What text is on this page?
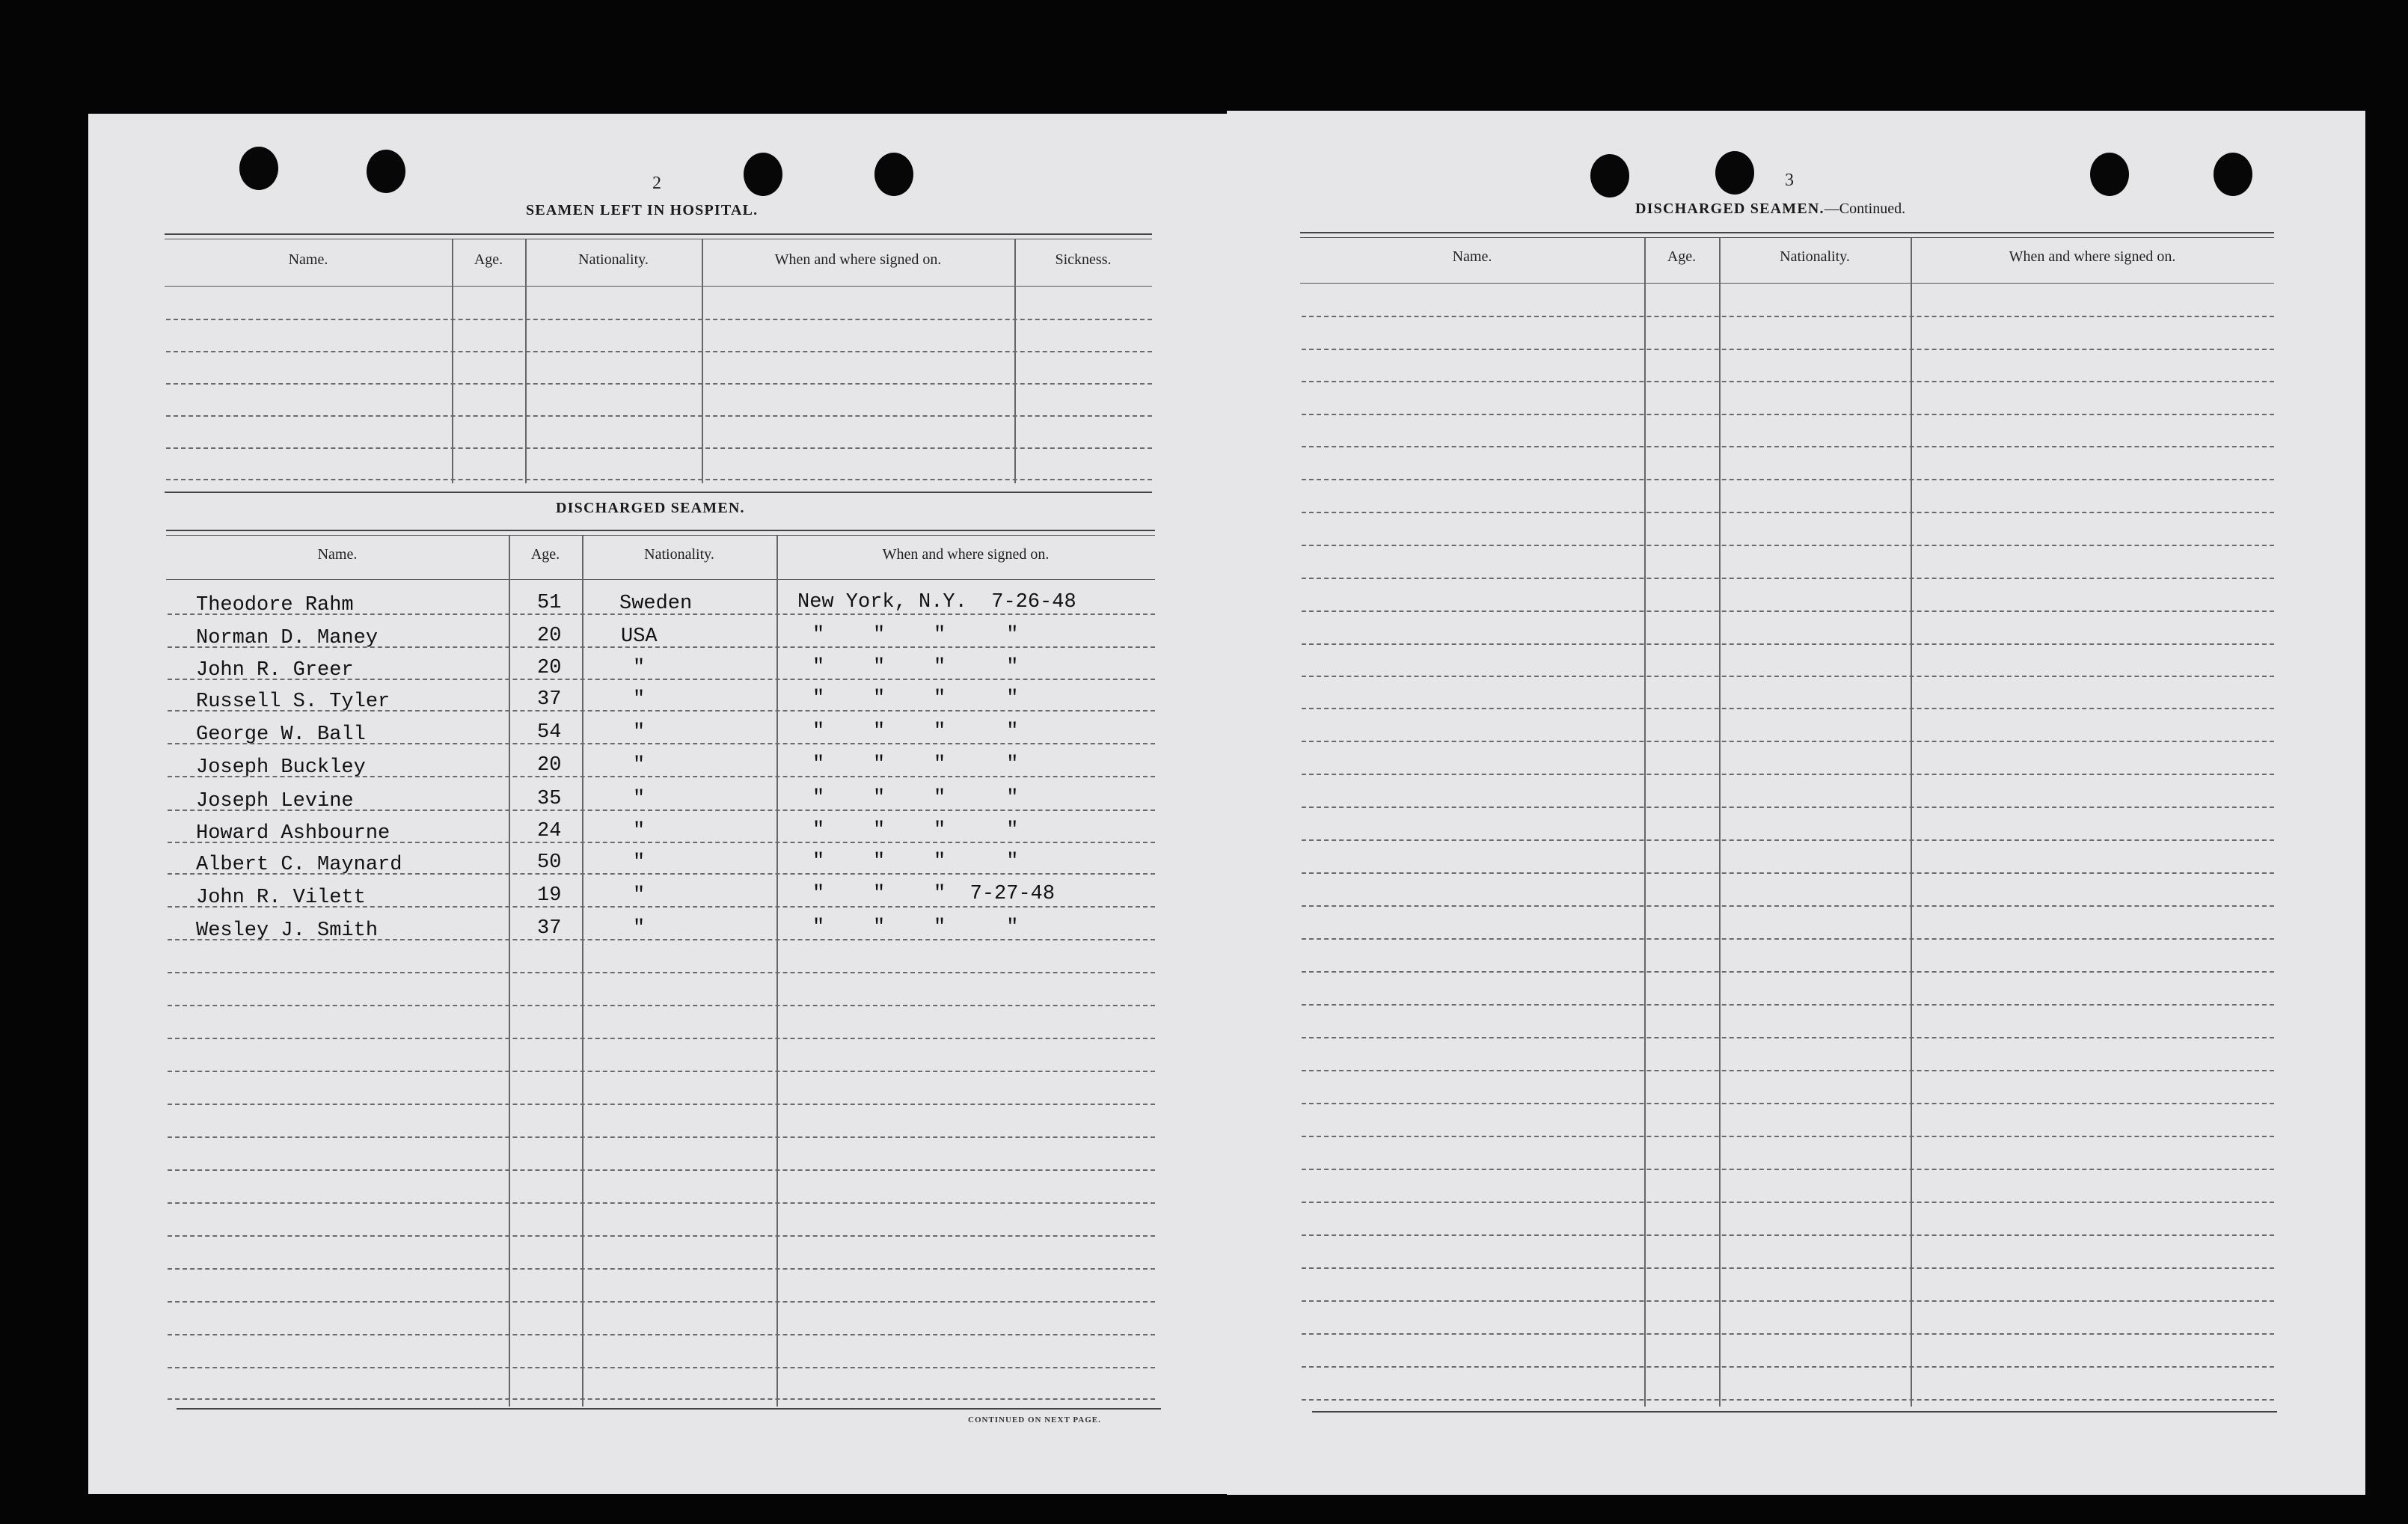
2
SEAMEN LEFT IN HOSPITAL.
Name.	Age.	Nationality.	When and where signed on.	Sickness.
DISCHARGED SEAMEN.
Name.	Age.	Nationality.	When and where signed on.
Theodore Rahm	51	Sweden	New York, N.Y.  7-26-48
Norman D. Maney	20	USA	"    "    "     "
John R. Greer	20	"	"    "    "     "
Russell S. Tyler	37	"	"    "    "     "
George W. Ball	54	"	"    "    "     "
Joseph Buckley	20	"	"    "    "     "
Joseph Levine	35	"	"    "    "     "
Howard Ashbourne	24	"	"    "    "     "
Albert C. Maynard	50	"	"    "    "     "
John R. Vilett	19	"	"    "    "  7-27-48
Wesley J. Smith	37	"	"    "    "     "
CONTINUED ON NEXT PAGE.
3
DISCHARGED SEAMEN.—Continued.
Name.	Age.	Nationality.	When and where signed on.
